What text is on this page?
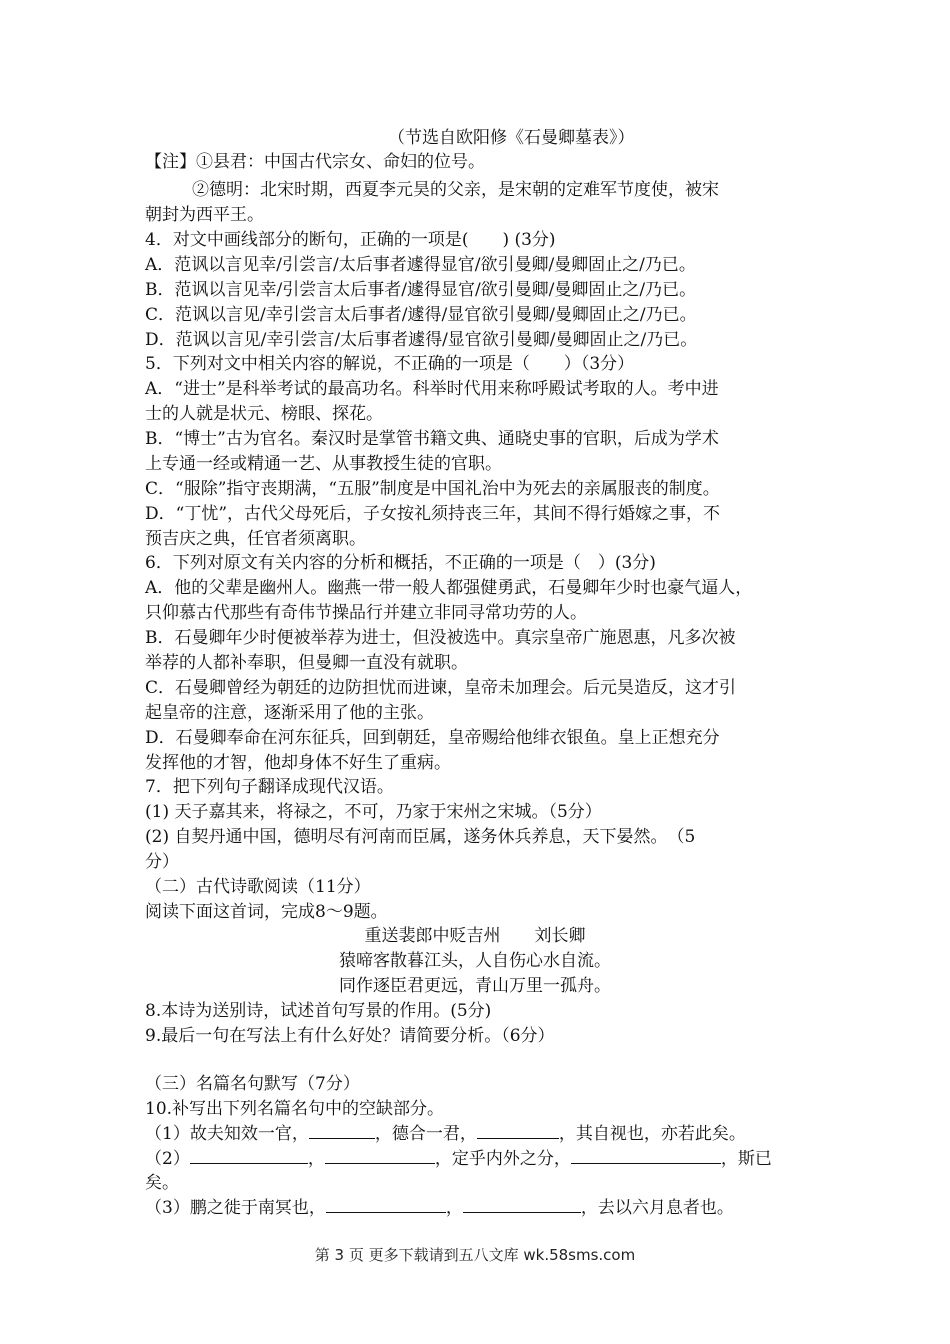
（节选自欧阳修《石曼卿墓表》）
【注】①县君：中国古代宗女、命妇的位号。
②德明：北宋时期，西夏李元昊的父亲，是宋朝的定难军节度使，被宋
朝封为西平王。
4．对文中画线部分的断句，正确的一项是(　　) (3分)
A．范讽以言见幸/引尝言/太后事者遽得显官/欲引曼卿/曼卿固止之/乃已。
B．范讽以言见幸/引尝言太后事者/遽得显官/欲引曼卿/曼卿固止之/乃已。
C．范讽以言见/幸引尝言太后事者/遽得/显官欲引曼卿/曼卿固止之/乃已。
D．范讽以言见/幸引尝言/太后事者遽得/显官欲引曼卿/曼卿固止之/乃已。
5．下列对文中相关内容的解说，不正确的一项是（　　）（3分）
A．“进士”是科举考试的最高功名。科举时代用来称呼殿试考取的人。考中进
士的人就是状元、榜眼、探花。
B．“博士”古为官名。秦汉时是掌管书籍文典、通晓史事的官职，后成为学术
上专通一经或精通一艺、从事教授生徒的官职。
C．“服除”指守丧期满，“五服”制度是中国礼治中为死去的亲属服丧的制度。
D．“丁忧”，古代父母死后，子女按礼须持丧三年，其间不得行婚嫁之事，不
预吉庆之典，任官者须离职。
6．下列对原文有关内容的分析和概括，不正确的一项是（　）(3分)
A．他的父辈是幽州人。幽燕一带一般人都强健勇武，石曼卿年少时也豪气逼人，
只仰慕古代那些有奇伟节操品行并建立非同寻常功劳的人。
B．石曼卿年少时便被举荐为进士，但没被选中。真宗皇帝广施恩惠，凡多次被
举荐的人都补奉职，但曼卿一直没有就职。
C．石曼卿曾经为朝廷的边防担忧而进谏，皇帝未加理会。后元昊造反，这才引
起皇帝的注意，逐渐采用了他的主张。
D．石曼卿奉命在河东征兵，回到朝廷，皇帝赐给他绯衣银鱼。皇上正想充分
发挥他的才智，他却身体不好生了重病。
7．把下列句子翻译成现代汉语。
(1) 天子嘉其来，将禄之，不可，乃家于宋州之宋城。（5分）
(2) 自契丹通中国，德明尽有河南而臣属，遂务休兵养息，天下晏然。　（5
分）
（二）古代诗歌阅读（11分）
阅读下面这首词，完成8～9题。
重送裴郎中贬吉州　　刘长卿
猿啼客散暮江头，人自伤心水自流。
同作逐臣君更远，青山万里一孤舟。
8.本诗为送别诗，试述首句写景的作用。(5分)
9.最后一句在写法上有什么好处？请简要分析。（6分）
（三）名篇名句默写（7分）
10.补写出下列名篇名句中的空缺部分。
（1）故夫知效一官，	，德合一君，	，其自视也，亦若此矣。
（2）	，	，定乎内外之分，	，斯已
矣。
（3）鹏之徙于南冥也，	，	，去以六月息者也。
第 3 页 更多下载请到五八文库 wk.58sms.com
